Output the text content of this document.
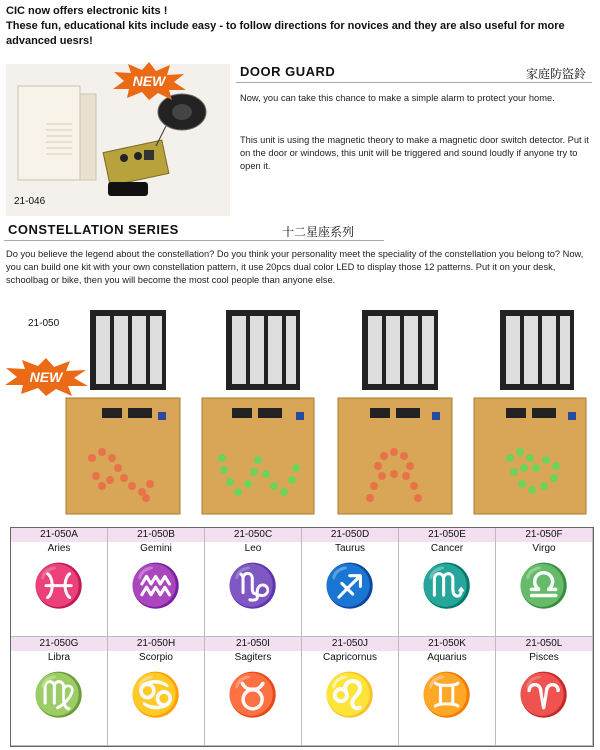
CIC now offers electronic kits !
These fun, educational kits include easy - to follow directions for novices and they are also useful for more advanced uesrs!
21-046
NEW
DOOR GUARD	家庭防盜鈴
Now, you can take this chance to make a simple alarm to protect your home.
This unit is using the magnetic theory to make a magnetic door switch detector. Put it on the door or windows, this unit will be triggered and sound loudly if anyone try to open it.
CONSTELLATION SERIES	十二星座系列
Do you believe the legend about the constellation? Do you think your personality meet the speciality of the constellation you belong to? Now, you can build one kit with your own constellation pattern, it use 20pcs dual color LED to display those 12 patterns. Put it on your desk, schoolbag or bike, then you will become the most cool people than anyone else.
21-050
NEW
21-050A
Aries
♓
21-050B
Gemini
♒
21-050C
Leo
♑
21-050D
Taurus
♐
21-050E
Cancer
♏
21-050F
Virgo
♎
21-050G
Libra
♍
21-050H
Scorpio
♋
21-050I
Sagiters
♉
21-050J
Capricornus
♌
21-050K
Aquarius
♊
21-050L
Pisces
♈
